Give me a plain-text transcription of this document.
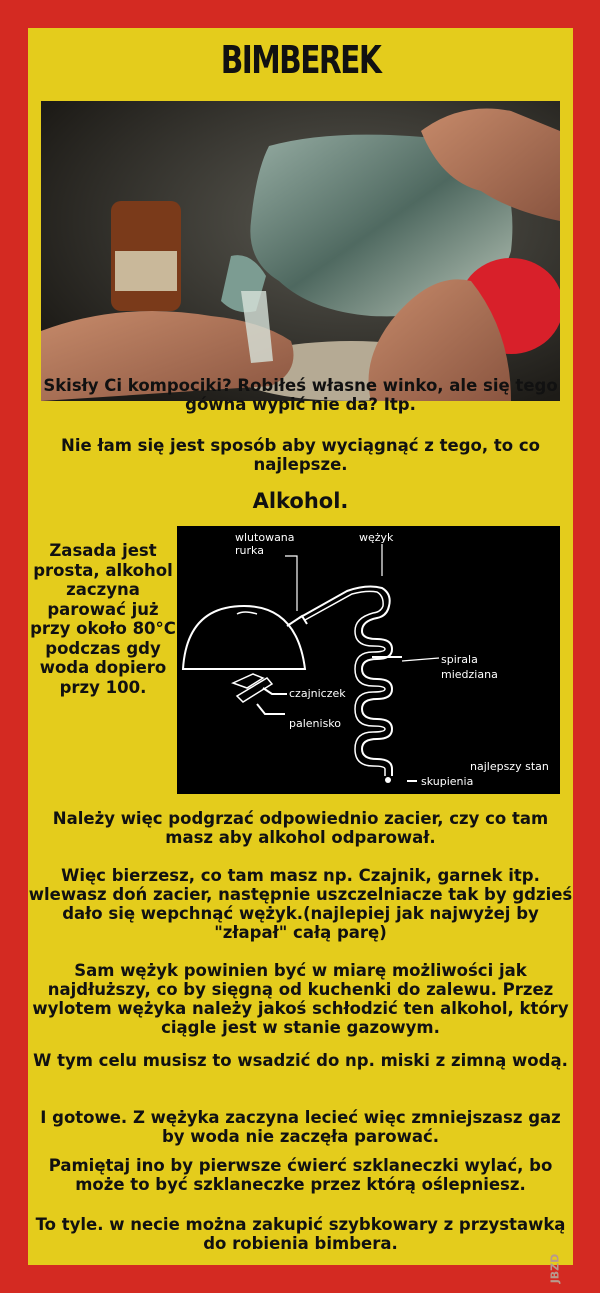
BIMBEREK
Skisły Ci kompociki? Robiłeś własne winko, ale się tego gówna wypić nie da? Itp.
Nie łam się jest sposób aby wyciągnąć z tego, to co najlepsze.
Alkohol.
Zasada jest prosta, alkohol zaczyna parować już przy około 80°C podczas gdy woda dopiero przy 100.
wlutowana
rurka
wężyk
spirala
miedziana
czajniczek
palenisko
najlepszy stan
skupienia
Należy więc podgrzać odpowiednio zacier, czy co tam masz aby alkohol odparował.
Więc bierzesz, co tam masz np. Czajnik, garnek itp. wlewasz doń zacier, następnie uszczelniacze tak by gdzieś dało się wepchnąć wężyk.(najlepiej jak najwyżej by "złapał" całą parę)
Sam wężyk powinien być w miarę możliwości jak najdłuższy, co by sięgną od kuchenki do zalewu. Przez wylotem wężyka należy jakoś schłodzić ten alkohol, który ciągle jest w stanie gazowym.
W tym celu musisz to wsadzić do np. miski z zimną wodą.
I gotowe. Z wężyka zaczyna lecieć więc zmniejszasz gaz by woda nie zaczęła parować.
Pamiętaj ino by pierwsze ćwierć szklaneczki wylać, bo może to być szklaneczke przez którą oślepniesz.
To tyle. w necie można zakupić szybkowary z przystawką do robienia bimbera.
JBZD
